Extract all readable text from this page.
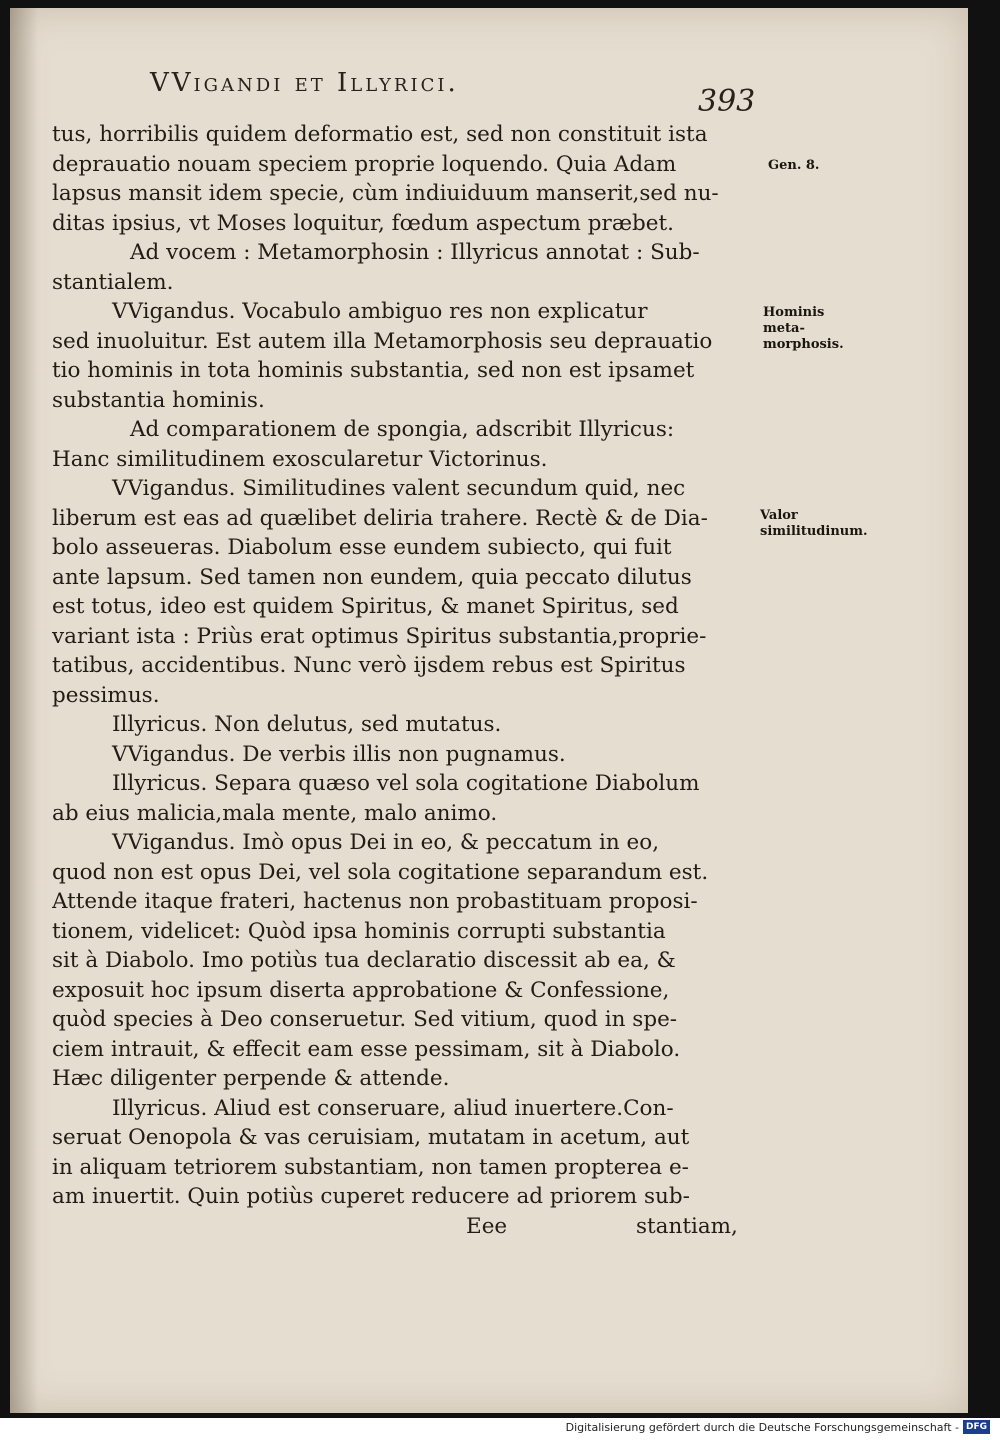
VVigandi et Illyrici.
393
tus, horribilis quidem deformatio est, sed non constituit ista
deprauatio nouam speciem proprie loquendo. Quia Adam
lapsus mansit idem specie, cùm indiuiduum manserit,sed nu-
ditas ipsius, vt Moses loquitur, fœdum aspectum præbet.
Ad vocem : Metamorphosin : Illyricus annotat : Sub-
stantialem.
VVigandus. Vocabulo ambiguo res non explicatur
sed inuoluitur. Est autem illa Metamorphosis seu deprauatio
tio hominis in tota hominis substantia, sed non est ipsamet
substantia hominis.
Ad comparationem de spongia, adscribit Illyricus:
Hanc similitudinem exoscularetur Victorinus.
VVigandus. Similitudines valent secundum quid, nec
liberum est eas ad quælibet deliria trahere. Rectè & de Dia-
bolo asseueras. Diabolum esse eundem subiecto, qui fuit
ante lapsum. Sed tamen non eundem, quia peccato dilutus
est totus, ideo est quidem Spiritus, & manet Spiritus, sed
variant ista : Priùs erat optimus Spiritus substantia,proprie-
tatibus, accidentibus. Nunc verò ijsdem rebus est Spiritus
pessimus.
Illyricus. Non delutus, sed mutatus.
VVigandus. De verbis illis non pugnamus.
Illyricus. Separa quæso vel sola cogitatione Diabolum
ab eius malicia,mala mente, malo animo.
VVigandus. Imò opus Dei in eo, & peccatum in eo,
quod non est opus Dei, vel sola cogitatione separandum est.
Attende itaque frateri, hactenus non probastituam proposi-
tionem, videlicet: Quòd ipsa hominis corrupti substantia
sit à Diabolo. Imo potiùs tua declaratio discessit ab ea, &
exposuit hoc ipsum diserta approbatione & Confessione,
quòd species à Deo conseruetur. Sed vitium, quod in spe-
ciem intrauit, & effecit eam esse pessimam, sit à Diabolo.
Hæc diligenter perpende & attende.
Illyricus. Aliud est conseruare, aliud inuertere.Con-
seruat Oenopola & vas ceruisiam, mutatam in acetum, aut
in aliquam tetriorem substantiam, non tamen propterea e-
am inuertit. Quin potiùs cuperet reducere ad priorem sub-
Eee	stantiam,
Gen. 8.
Hominis meta-morphosis.
Valor similitudinum.
Digitalisierung gefördert durch die Deutsche Forschungsgemeinschaft - DFG
